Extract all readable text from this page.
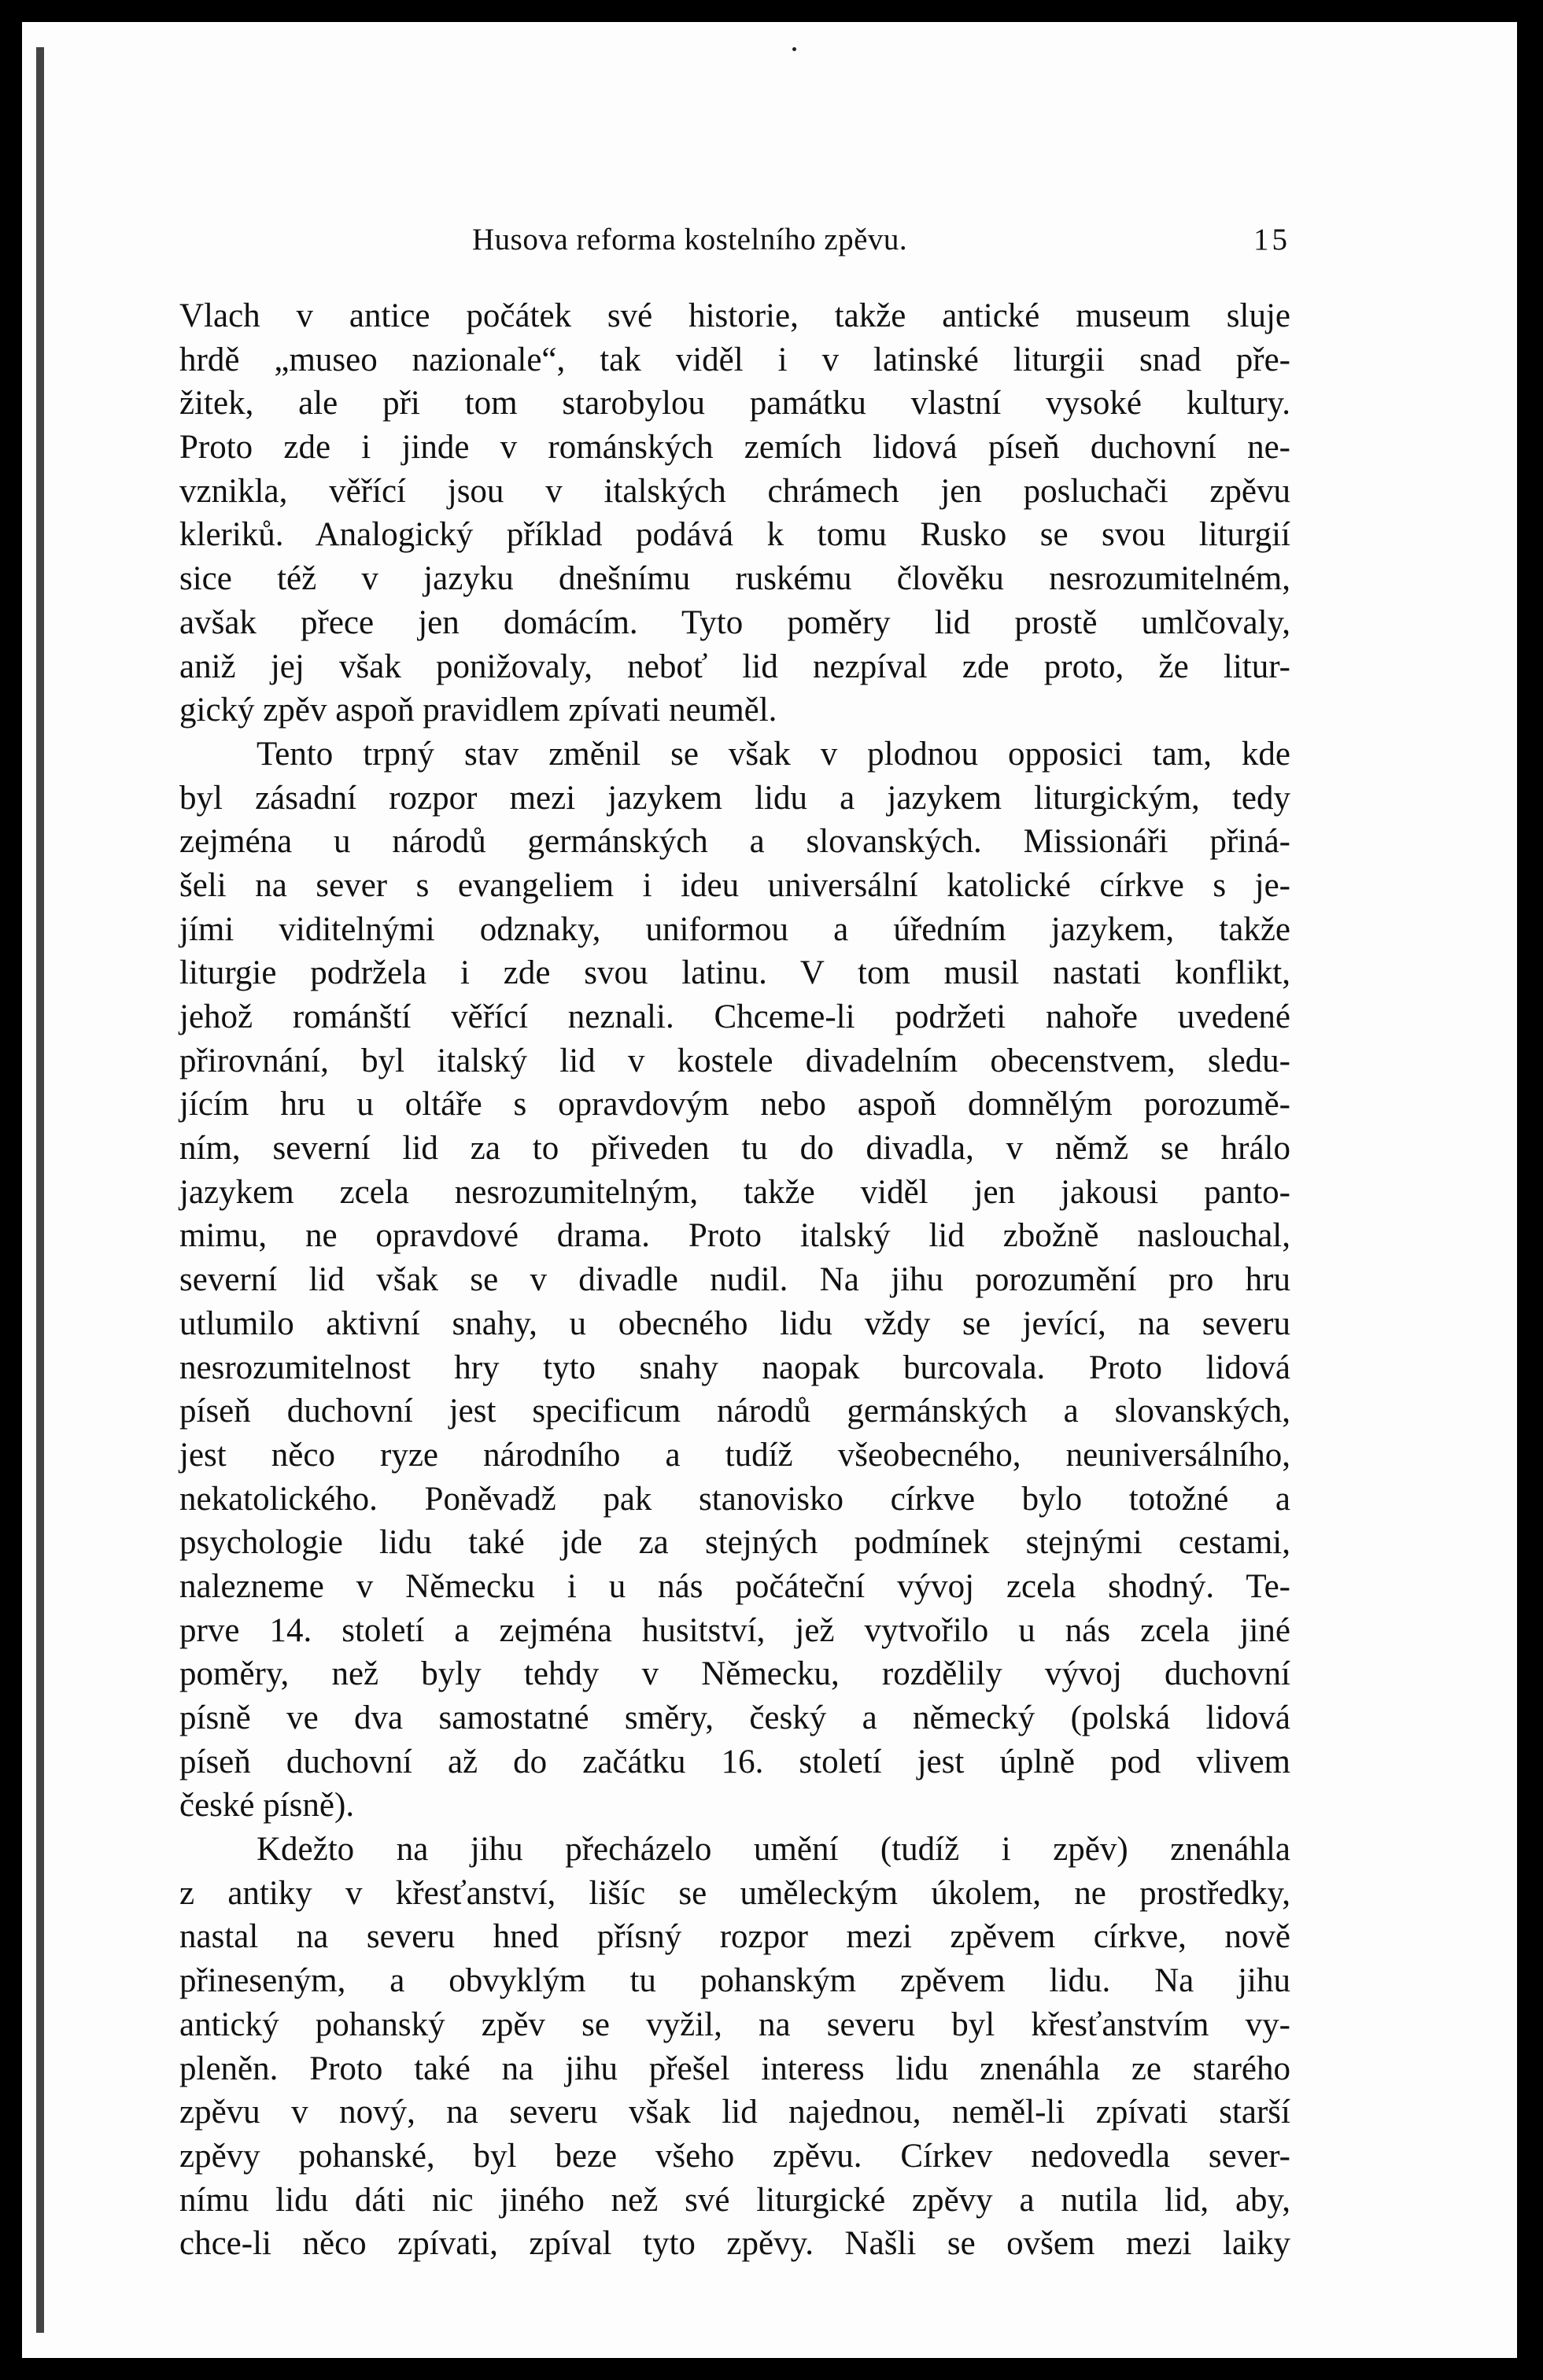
Husova reforma kostelního zpěvu.	15
Vlach v antice počátek své historie, takže antické museum sluje
hrdě „museo nazionale“, tak viděl i v latinské liturgii snad pře-
žitek, ale při tom starobylou památku vlastní vysoké kultury.
Proto zde i jinde v románských zemích lidová píseň duchovní ne-
vznikla, věřící jsou v italských chrámech jen posluchači zpěvu
kleriků. Analogický příklad podává k tomu Rusko se svou liturgií
sice též v jazyku dnešnímu ruskému člověku nesrozumitelném,
avšak přece jen domácím. Tyto poměry lid prostě umlčovaly,
aniž jej však ponižovaly, neboť lid nezpíval zde proto, že litur-
gický zpěv aspoň pravidlem zpívati neuměl.
Tento trpný stav změnil se však v plodnou opposici tam, kde
byl zásadní rozpor mezi jazykem lidu a jazykem liturgickým, tedy
zejména u národů germánských a slovanských. Missionáři přiná-
šeli na sever s evangeliem i ideu universální katolické církve s je-
jími viditelnými odznaky, uniformou a úředním jazykem, takže
liturgie podržela i zde svou latinu. V tom musil nastati konflikt,
jehož románští věřící neznali. Chceme-li podržeti nahoře uvedené
přirovnání, byl italský lid v kostele divadelním obecenstvem, sledu-
jícím hru u oltáře s opravdovým nebo aspoň domnělým porozumě-
ním, severní lid za to přiveden tu do divadla, v němž se hrálo
jazykem zcela nesrozumitelným, takže viděl jen jakousi panto-
mimu, ne opravdové drama. Proto italský lid zbožně naslouchal,
severní lid však se v divadle nudil. Na jihu porozumění pro hru
utlumilo aktivní snahy, u obecného lidu vždy se jevící, na severu
nesrozumitelnost hry tyto snahy naopak burcovala. Proto lidová
píseň duchovní jest specificum národů germánských a slovanských,
jest něco ryze národního a tudíž všeobecného, neuniversálního,
nekatolického. Poněvadž pak stanovisko církve bylo totožné a
psychologie lidu také jde za stejných podmínek stejnými cestami,
nalezneme v Německu i u nás počáteční vývoj zcela shodný. Te-
prve 14. století a zejména husitství, jež vytvořilo u nás zcela jiné
poměry, než byly tehdy v Německu, rozdělily vývoj duchovní
písně ve dva samostatné směry, český a německý (polská lidová
píseň duchovní až do začátku 16. století jest úplně pod vlivem
české písně).
Kdežto na jihu přecházelo umění (tudíž i zpěv) znenáhla
z antiky v křesťanství, lišíc se uměleckým úkolem, ne prostředky,
nastal na severu hned přísný rozpor mezi zpěvem církve, nově
přineseným, a obvyklým tu pohanským zpěvem lidu. Na jihu
antický pohanský zpěv se vyžil, na severu byl křesťanstvím vy-
pleněn. Proto také na jihu přešel interess lidu znenáhla ze starého
zpěvu v nový, na severu však lid najednou, neměl-li zpívati starší
zpěvy pohanské, byl beze všeho zpěvu. Církev nedovedla sever-
nímu lidu dáti nic jiného než své liturgické zpěvy a nutila lid, aby,
chce-li něco zpívati, zpíval tyto zpěvy. Našli se ovšem mezi laiky
